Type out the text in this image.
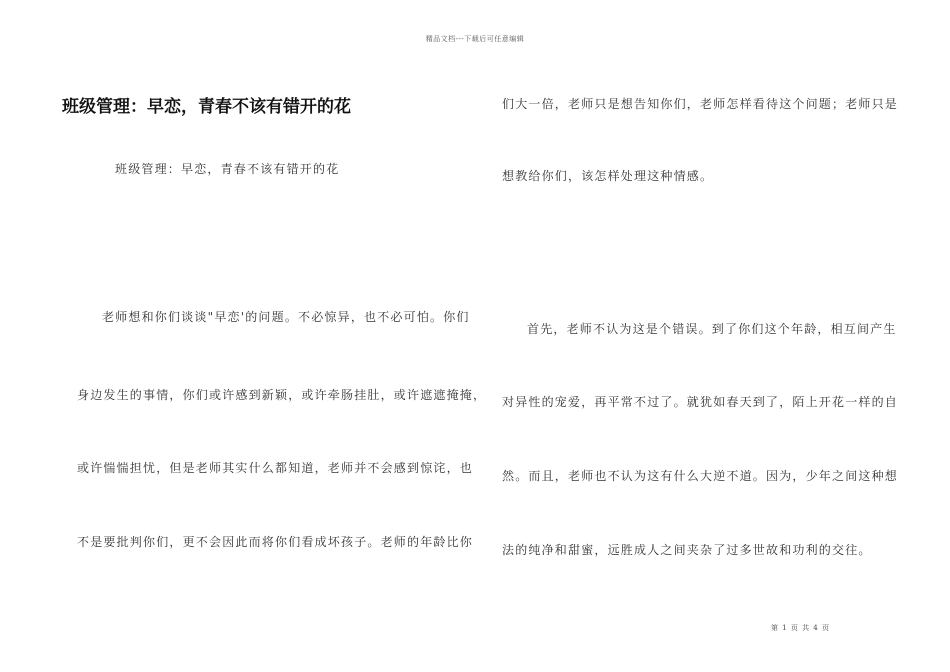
精品文档---下载后可任意编辑
班级管理：早恋，青春不该有错开的花

班级管理：早恋，青春不该有错开的花

老师想和你们谈谈"早恋'的问题。不必惊异，也不必可怕。你们

身边发生的事情，你们或许感到新颖，或许牵肠挂肚，或许遮遮掩掩，

或许惴惴担忧，但是老师其实什么都知道，老师并不会感到惊诧，也

不是要批判你们，更不会因此而将你们看成坏孩子。老师的年龄比你

们大一倍，老师只是想告知你们，老师怎样看待这个问题；老师只是

想教给你们，该怎样处理这种情感。

首先，老师不认为这是个错误。到了你们这个年龄，相互间产生

对异性的宠爱，再平常不过了。就犹如春天到了，陌上开花一样的自

然。而且，老师也不认为这有什么大逆不道。因为，少年之间这种想

法的纯净和甜蜜，远胜成人之间夹杂了过多世故和功利的交往。

第 1 页 共 4 页
